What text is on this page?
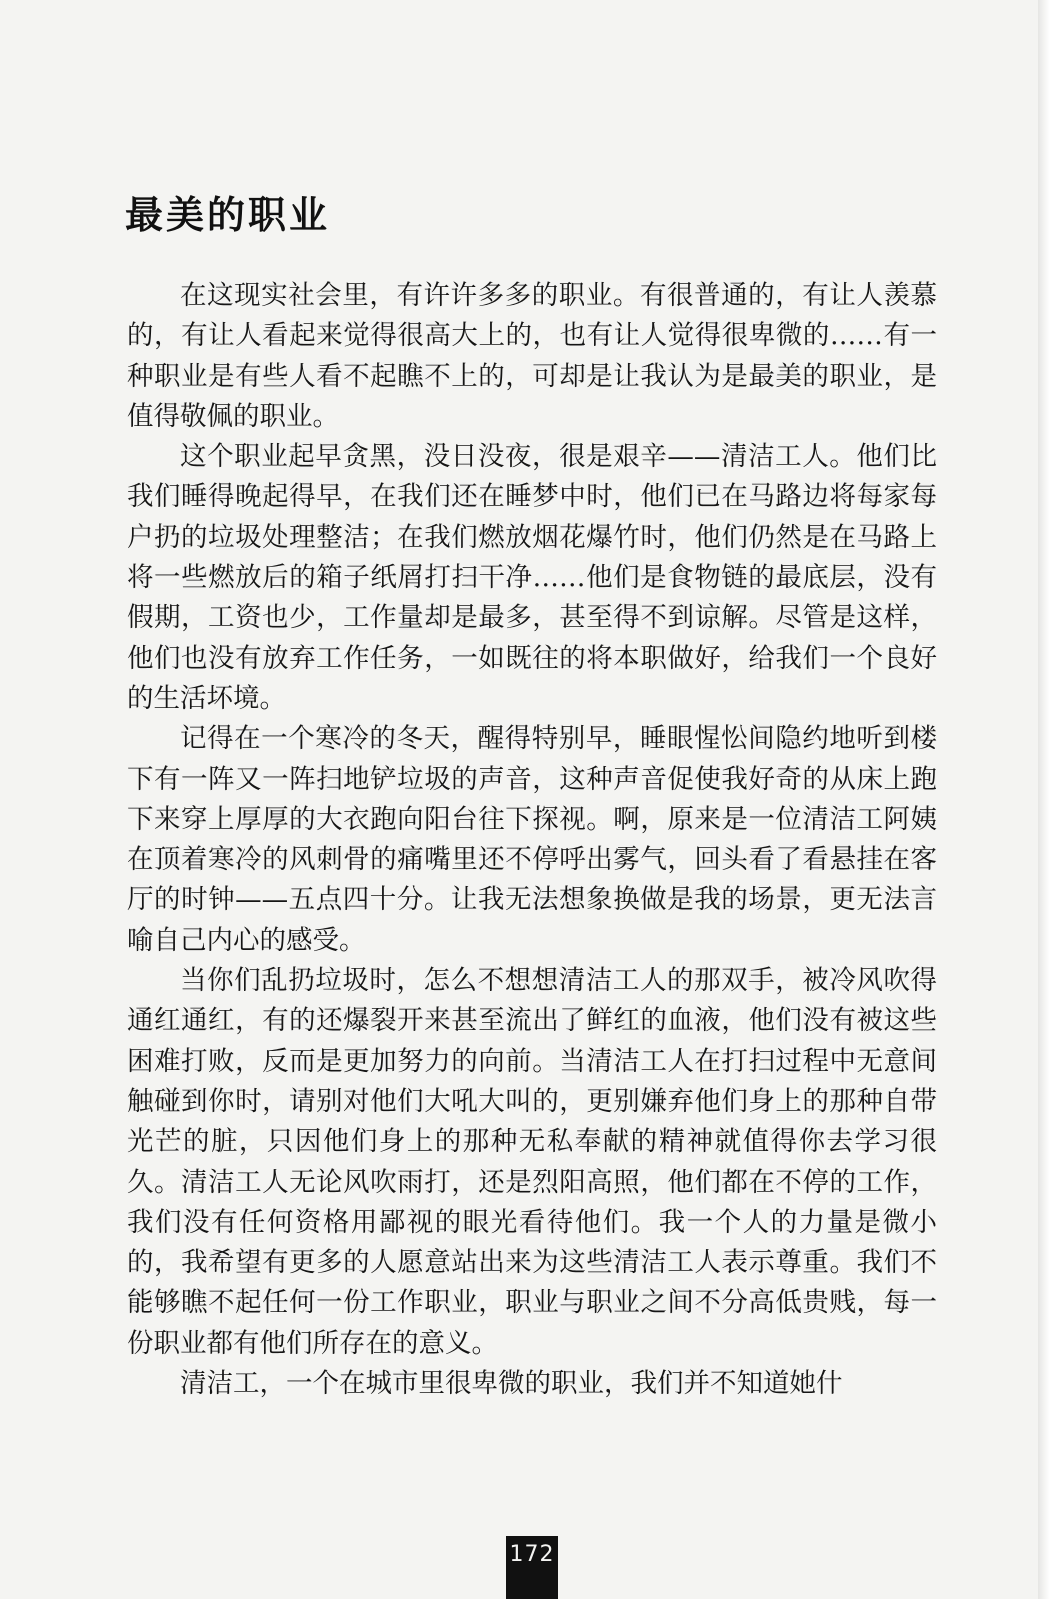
最美的职业

在这现实社会里，有许许多多的职业。有很普通的，有让人羡慕的，有让人看起来觉得很高大上的，也有让人觉得很卑微的……有一种职业是有些人看不起瞧不上的，可却是让我认为是最美的职业，是值得敬佩的职业。

这个职业起早贪黑，没日没夜，很是艰辛——清洁工人。他们比我们睡得晚起得早，在我们还在睡梦中时，他们已在马路边将每家每户扔的垃圾处理整洁；在我们燃放烟花爆竹时，他们仍然是在马路上将一些燃放后的箱子纸屑打扫干净……他们是食物链的最底层，没有假期，工资也少，工作量却是最多，甚至得不到谅解。尽管是这样，他们也没有放弃工作任务，一如既往的将本职做好，给我们一个良好的生活坏境。

记得在一个寒冷的冬天，醒得特别早，睡眼惺忪间隐约地听到楼下有一阵又一阵扫地铲垃圾的声音，这种声音促使我好奇的从床上跑下来穿上厚厚的大衣跑向阳台往下探视。啊，原来是一位清洁工阿姨在顶着寒冷的风刺骨的痛嘴里还不停呼出雾气，回头看了看悬挂在客厅的时钟——五点四十分。让我无法想象换做是我的场景，更无法言喻自己内心的感受。

当你们乱扔垃圾时，怎么不想想清洁工人的那双手，被冷风吹得通红通红，有的还爆裂开来甚至流出了鲜红的血液，他们没有被这些困难打败，反而是更加努力的向前。当清洁工人在打扫过程中无意间触碰到你时，请别对他们大吼大叫的，更别嫌弃他们身上的那种自带光芒的脏，只因他们身上的那种无私奉献的精神就值得你去学习很久。清洁工人无论风吹雨打，还是烈阳高照，他们都在不停的工作，我们没有任何资格用鄙视的眼光看待他们。我一个人的力量是微小的，我希望有更多的人愿意站出来为这些清洁工人表示尊重。我们不能够瞧不起任何一份工作职业，职业与职业之间不分高低贵贱，每一份职业都有他们所存在的意义。

清洁工，一个在城市里很卑微的职业，我们并不知道她什

172
